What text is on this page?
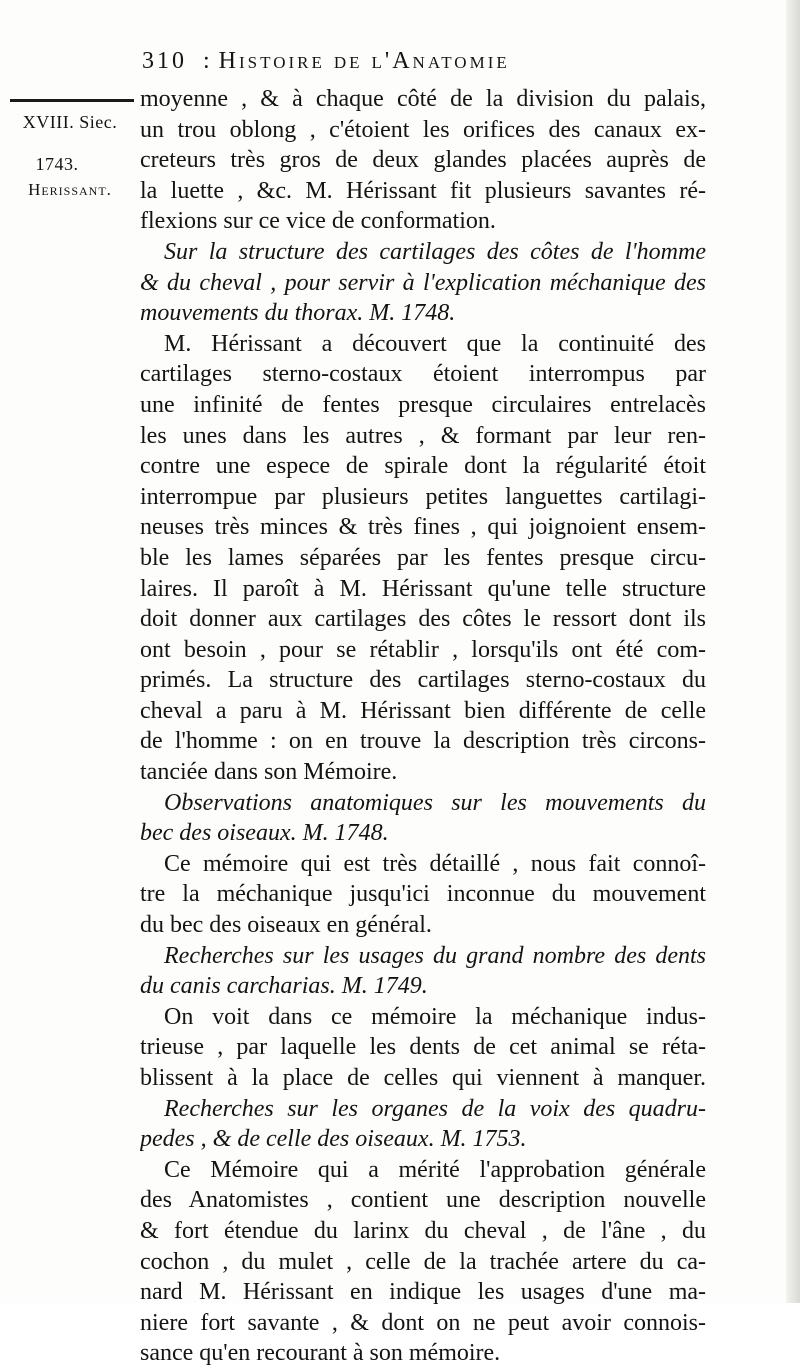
310 : Histoire de l'Anatomie
XVIII. Siec.
1743.
Herissant.
moyenne , & à chaque côté de la division du palais,
un trou oblong , c'étoient les orifices des canaux ex-
creteurs très gros de deux glandes placées auprès de
la luette , &c. M. Hérissant fit plusieurs savantes ré-
flexions sur ce vice de conformation.
Sur la structure des cartilages des côtes de l'homme
& du cheval , pour servir à l'explication méchanique des
mouvements du thorax. M. 1748.
M. Hérissant a découvert que la continuité des
cartilages sterno-costaux étoient interrompus par
une infinité de fentes presque circulaires entrelacès
les unes dans les autres , & formant par leur ren-
contre une espece de spirale dont la régularité étoit
interrompue par plusieurs petites languettes cartilagi-
neuses très minces & très fines , qui joignoient ensem-
ble les lames séparées par les fentes presque circu-
laires. Il paroît à M. Hérissant qu'une telle structure
doit donner aux cartilages des côtes le ressort dont ils
ont besoin , pour se rétablir , lorsqu'ils ont été com-
primés. La structure des cartilages sterno-costaux du
cheval a paru à M. Hérissant bien différente de celle
de l'homme : on en trouve la description très circons-
tanciée dans son Mémoire.
Observations anatomiques sur les mouvements du
bec des oiseaux. M. 1748.
Ce mémoire qui est très détaillé , nous fait connoî-
tre la méchanique jusqu'ici inconnue du mouvement
du bec des oiseaux en général.
Recherches sur les usages du grand nombre des dents
du canis carcharias. M. 1749.
On voit dans ce mémoire la méchanique indus-
trieuse , par laquelle les dents de cet animal se réta-
blissent à la place de celles qui viennent à manquer.
Recherches sur les organes de la voix des quadru-
pedes , & de celle des oiseaux. M. 1753.
Ce Mémoire qui a mérité l'approbation générale
des Anatomistes , contient une description nouvelle
& fort étendue du larinx du cheval , de l'âne , du
cochon , du mulet , celle de la trachée artere du ca-
nard M. Hérissant en indique les usages d'une ma-
niere fort savante , & dont on ne peut avoir connois-
sance qu'en recourant à son mémoire.
